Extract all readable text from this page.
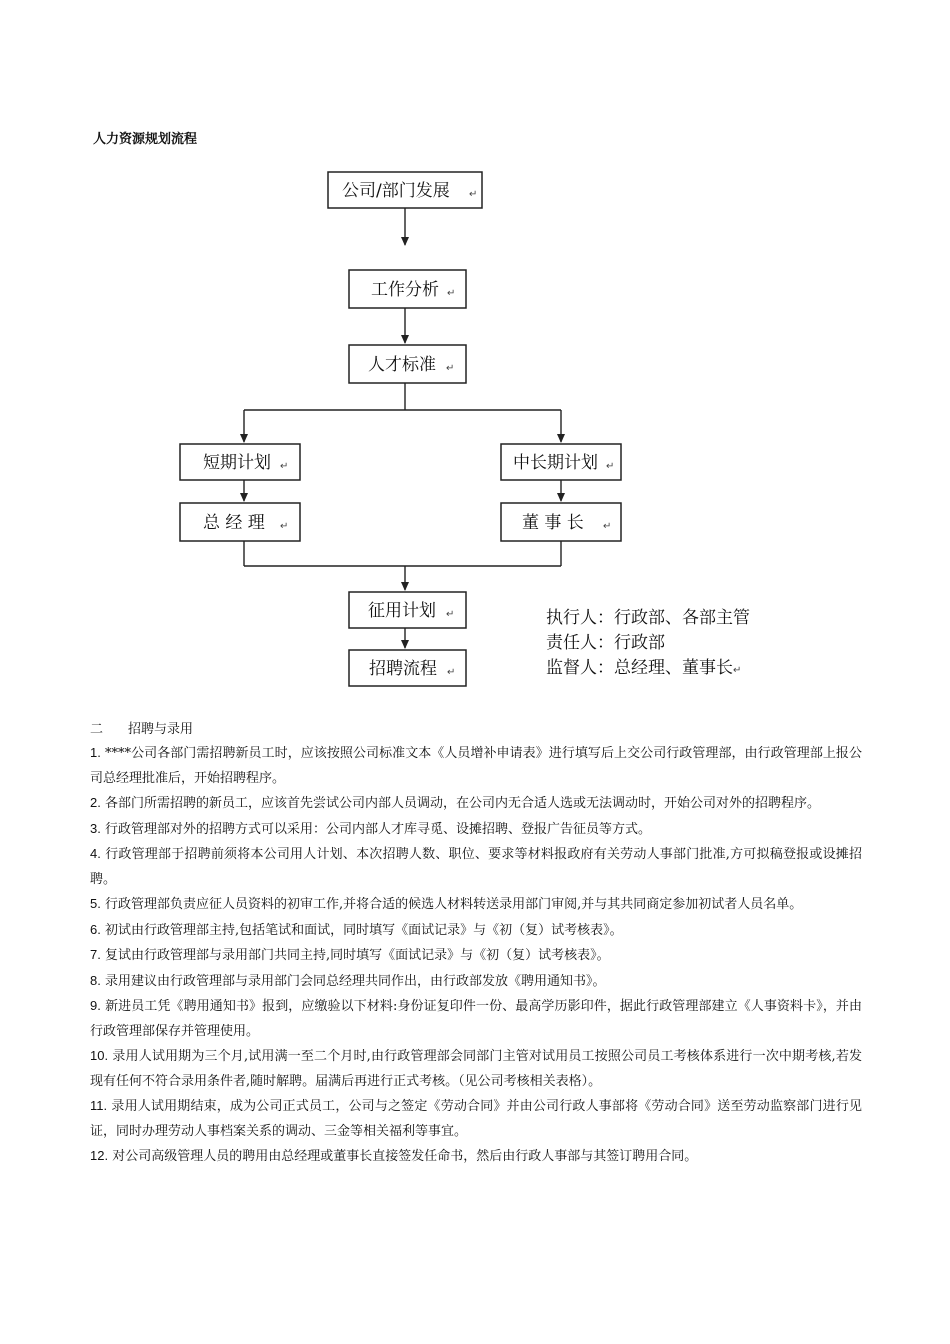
人力资源规划流程
公司/部门发展 ↵
工作分析 ↵
人才标准 ↵
短期计划 ↵	中长期计划 ↵
总 经 理 ↵	董 事 长 ↵
征用计划 ↵
招聘流程 ↵
执行人：行政部、各部主管
责任人：行政部
监督人：总经理、董事长↵
二 招聘与录用
1. ****公司各部门需招聘新员工时，应该按照公司标准文本《人员增补申请表》进行填写后上交公司行政管理部，由行政管理部上报公司总经理批准后，开始招聘程序。
2. 各部门所需招聘的新员工，应该首先尝试公司内部人员调动，在公司内无合适人选或无法调动时，开始公司对外的招聘程序。
3. 行政管理部对外的招聘方式可以采用：公司内部人才库寻觅、设摊招聘、登报广告征员等方式。
4. 行政管理部于招聘前须将本公司用人计划、本次招聘人数、职位、要求等材料报政府有关劳动人事部门批准,方可拟稿登报或设摊招聘。
5. 行政管理部负责应征人员资料的初审工作,并将合适的候选人材料转送录用部门审阅,并与其共同商定参加初试者人员名单。
6. 初试由行政管理部主持,包括笔试和面试，同时填写《面试记录》与《初（复）试考核表》。
7. 复试由行政管理部与录用部门共同主持,同时填写《面试记录》与《初（复）试考核表》。
8. 录用建议由行政管理部与录用部门会同总经理共同作出，由行政部发放《聘用通知书》。
9. 新进员工凭《聘用通知书》报到，应缴验以下材料:身份证复印件一份、最高学历影印件，据此行政管理部建立《人事资料卡》，并由行政管理部保存并管理使用。
10. 录用人试用期为三个月,试用满一至二个月时,由行政管理部会同部门主管对试用员工按照公司员工考核体系进行一次中期考核,若发现有任何不符合录用条件者,随时解聘。届满后再进行正式考核。（见公司考核相关表格）。
11. 录用人试用期结束，成为公司正式员工，公司与之签定《劳动合同》并由公司行政人事部将《劳动合同》送至劳动监察部门进行见证，同时办理劳动人事档案关系的调动、三金等相关福利等事宜。
12. 对公司高级管理人员的聘用由总经理或董事长直接签发任命书，然后由行政人事部与其签订聘用合同。
